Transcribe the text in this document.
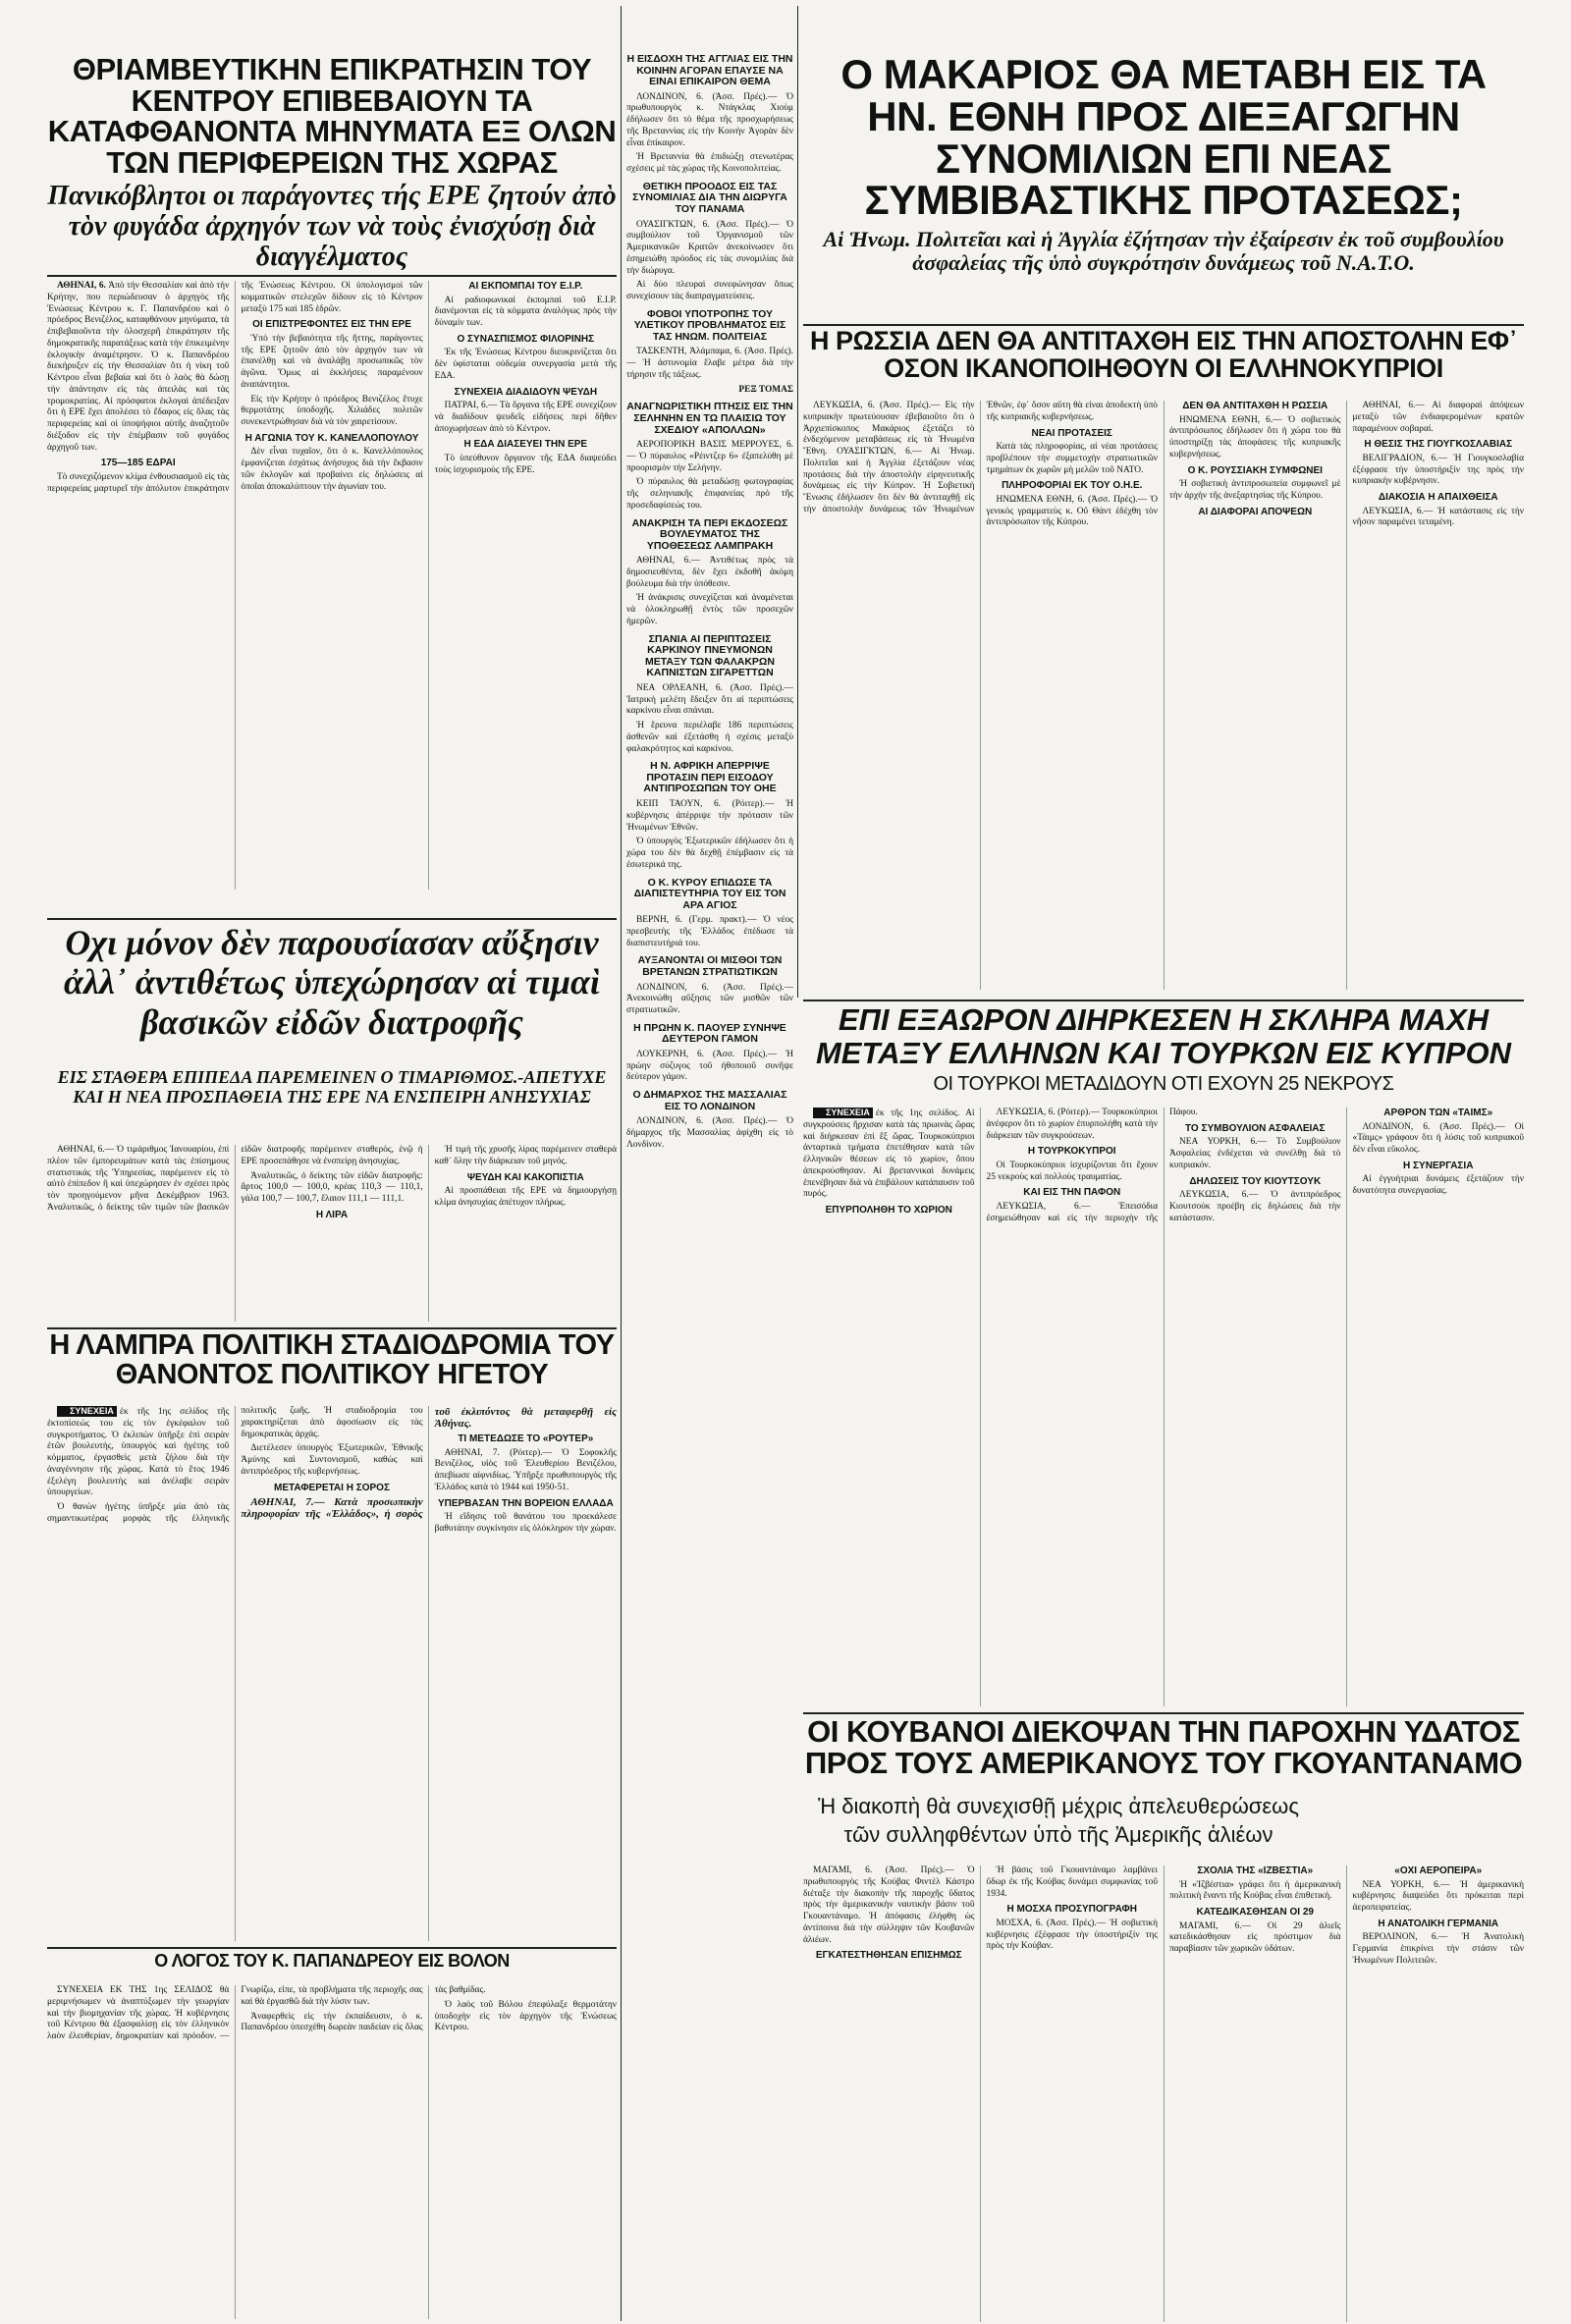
ΘΡΙΑΜΒΕΥΤΙΚΗΝ ΕΠΙΚΡΑΤΗΣΙΝ ΤΟΥ ΚΕΝΤΡΟΥ ΕΠΙΒΕΒΑΙΟΥΝ ΤΑ ΚΑΤΑΦΘΑΝΟΝΤΑ ΜΗΝΥΜΑΤΑ ΕΞ ΟΛΩΝ ΤΩΝ ΠΕΡΙΦΕΡΕΙΩΝ ΤΗΣ ΧΩΡΑΣ

Πανικόβλητοι οι παράγοντες τής ΕΡΕ ζητούν ἀπὸ τὸν φυγάδα ἀρχηγόν των νὰ τοὺς ἐνισχύσῃ διὰ διαγγέλματος

ΑΘΗΝΑΙ, 6. Ἀπὸ τὴν Θεσσαλίαν καὶ ἀπὸ τὴν Κρήτην, που περιώδευσαν ὁ ἀρχηγὸς τῆς Ἐνώσεως Κέντρου κ. Γ. Παπανδρέου καὶ ὁ πρόεδρος Βενιζέλος, καταφθάνουν μηνύματα, τὰ ἐπιβεβαιοῦντα τὴν ὁλοσχερῆ ἐπικράτησιν τῆς δημοκρατικῆς παρατάξεως κατὰ τὴν ἐπικειμένην ἐκλογικὴν ἀναμέτρησιν. Ὁ κ. Παπανδρέου διεκήρυξεν εἰς τὴν Θεσσαλίαν ὅτι ἡ νίκη τοῦ Κέντρου εἶναι βεβαία καὶ ὅτι ὁ λαὸς θὰ δώσῃ τὴν ἀπάντησιν εἰς τὰς ἀπειλὰς καὶ τὰς τρομοκρατίας. Αἱ πρόσφατοι ἐκλογαὶ ἀπέδειξαν ὅτι ἡ ΕΡΕ ἔχει ἀπολέσει τὸ ἔδαφος εἰς ὅλας τὰς περιφερείας καὶ οἱ ὑποψήφιοι αὐτῆς ἀναζητοῦν διέξοδον εἰς τὴν ἐπέμβασιν τοῦ φυγάδος ἀρχηγοῦ των.

175—185 ΕΔΡΑΙ

Τὸ συνεχιζόμενον κλίμα ἐνθουσιασμοῦ εἰς τὰς περιφερείας μαρτυρεῖ τὴν ἀπόλυτον ἐπικράτησιν τῆς Ἐνώσεως Κέντρου. Οἱ ὑπολογισμοὶ τῶν κομματικῶν στελεχῶν δίδουν εἰς τὸ Κέντρον μεταξὺ 175 καὶ 185 ἑδρῶν.

ΟΙ ΕΠΙΣΤΡΕΦΟΝΤΕΣ ΕΙΣ ΤΗΝ ΕΡΕ

Ὑπὸ τὴν βεβαιότητα τῆς ἥττης, παράγοντες τῆς ΕΡΕ ζητοῦν ἀπὸ τὸν ἀρχηγόν των νὰ ἐπανέλθῃ καὶ νὰ ἀναλάβῃ προσωπικῶς τὸν ἀγῶνα. Ὅμως αἱ ἐκκλήσεις παραμένουν ἀναπάντητοι.

Εἰς τὴν Κρήτην ὁ πρόεδρος Βενιζέλος ἔτυχε θερμοτάτης ὑποδοχῆς. Χιλιάδες πολιτῶν συνεκεντρώθησαν διὰ νὰ τὸν χαιρετίσουν.

Η ΑΓΩΝΙΑ ΤΟΥ Κ. ΚΑΝΕΛΛΟΠΟΥΛΟΥ

Δὲν εἶναι τυχαῖον, ὅτι ὁ κ. Κανελλόπουλος ἐμφανίζεται ἐσχάτως ἀνήσυχος διὰ τὴν ἔκβασιν τῶν ἐκλογῶν καὶ προβαίνει εἰς δηλώσεις αἱ ὁποῖαι ἀποκαλύπτουν τὴν ἀγωνίαν του.

ΑΙ ΕΚΠΟΜΠΑΙ ΤΟΥ Ε.Ι.Ρ.

Αἱ ραδιοφωνικαὶ ἐκπομπαὶ τοῦ Ε.Ι.Ρ. διανέμονται εἰς τὰ κόμματα ἀναλόγως πρὸς τὴν δύναμίν των.

Ο ΣΥΝΑΣΠΙΣΜΟΣ ΦΙΛΟΡΙΝΗΣ

Ἐκ τῆς Ἐνώσεως Κέντρου διευκρινίζεται ὅτι δὲν ὑφίσταται οὐδεμία συνεργασία μετὰ τῆς ΕΔΑ.

ΣΥΝΕΧΕΙΑ ΔΙΑΔΙΔΟΥΝ ΨΕΥΔΗ

ΠΑΤΡΑΙ, 6.— Τὰ ὄργανα τῆς ΕΡΕ συνεχίζουν νὰ διαδίδουν ψευδεῖς εἰδήσεις περὶ δῆθεν ἀποχωρήσεων ἀπὸ τὸ Κέντρον.

Η ΕΔΑ ΔΙΑΣΕΥΕΙ ΤΗΝ ΕΡΕ

Τὸ ὑπεύθυνον ὄργανον τῆς ΕΔΑ διαψεύδει τοὺς ἰσχυρισμοὺς τῆς ΕΡΕ.

Οχι μόνον δὲν παρουσίασαν αὔξησιν ἀλλ᾽ ἀντιθέτως ὑπεχώρησαν αἱ τιμαὶ βασικῶν εἰδῶν διατροφῆς

ΕΙΣ ΣΤΑΘΕΡΑ ΕΠΙΠΕΔΑ ΠΑΡΕΜΕΙΝΕΝ Ο ΤΙΜΑΡΙΘΜΟΣ.-ΑΠΕΤΥΧΕ ΚΑΙ Η ΝΕΑ ΠΡΟΣΠΑΘΕΙΑ ΤΗΣ ΕΡΕ ΝΑ ΕΝΣΠΕΙΡΗ ΑΝΗΣΥΧΙΑΣ

ΑΘΗΝΑΙ, 6.— Ὁ τιμάριθμος Ἰανουαρίου, ἐπὶ πλέον τῶν ἐμπορευμάτων κατὰ τὰς ἐπίσημους στατιστικάς τῆς Ὑπηρεσίας, παρέμεινεν εἰς τὸ αὐτὸ ἐπίπεδον ἢ καὶ ὑπεχώρησεν ἐν σχέσει πρὸς τὸν προηγούμενον μῆνα Δεκέμβριον 1963. Ἀναλυτικῶς, ὁ δείκτης τῶν τιμῶν τῶν βασικῶν εἰδῶν διατροφῆς παρέμεινεν σταθερὸς, ἐνῷ ἡ ΕΡΕ προσεπάθησε νὰ ἐνσπείρῃ ἀνησυχίας.

Ἀναλυτικῶς, ὁ δείκτης τῶν εἰδῶν διατροφῆς: ἄρτος 100,0 — 100,0, κρέας 110,3 — 110,1, γάλα 100,7 — 100,7, ἔλαιον 111,1 — 111,1.

Η ΛΙΡΑ

Ἡ τιμὴ τῆς χρυσῆς λίρας παρέμεινεν σταθερὰ καθ᾽ ὅλην τὴν διάρκειαν τοῦ μηνός.

ΨΕΥΔΗ ΚΑΙ ΚΑΚΟΠΙΣΤΙΑ

Αἱ προσπάθειαι τῆς ΕΡΕ νὰ δημιουργήσῃ κλίμα ἀνησυχίας ἀπέτυχον πλήρως.

Η ΛΑΜΠΡΑ ΠΟΛΙΤΙΚΗ ΣΤΑΔΙΟΔΡΟΜΙΑ ΤΟΥ ΘΑΝΟΝΤΟΣ ΠΟΛΙΤΙΚΟΥ ΗΓΕΤΟΥ

ΣΥΝΕΧΕΙΑ ἐκ τῆς 1ης σελίδος τῆς ἐκτοπίσεώς του εἰς τὸν ἐγκέφαλον τοῦ συγκροτήματος. Ὁ ἐκλιπὼν ὑπῆρξε ἐπὶ σειρὰν ἐτῶν βουλευτὴς, ὑπουργὸς καὶ ἡγέτης τοῦ κόμματος, ἐργασθεὶς μετὰ ζήλου διὰ τὴν ἀναγέννησιν τῆς χώρας. Κατὰ τὸ ἔτος 1946 ἐξελέγη βουλευτὴς καὶ ἀνέλαβε σειρὰν ὑπουργείων.

Ὁ θανὼν ἡγέτης ὑπῆρξε μία ἀπὸ τὰς σημαντικωτέρας μορφὰς τῆς ἑλληνικῆς πολιτικῆς ζωῆς. Ἡ σταδιοδρομία του χαρακτηρίζεται ἀπὸ ἀφοσίωσιν εἰς τὰς δημοκρατικὰς ἀρχάς.

Διετέλεσεν ὑπουργὸς Ἐξωτερικῶν, Ἐθνικῆς Ἀμύνης καὶ Συντονισμοῦ, καθὼς καὶ ἀντιπρόεδρος τῆς κυβερνήσεως.

ΜΕΤΑΦΕΡΕΤΑΙ Η ΣΟΡΟΣ

ΑΘΗΝΑΙ, 7.— Κατὰ προσωπικὴν πληροφορίαν τῆς «Ἑλλάδος», ἡ σορὸς τοῦ ἐκλιπόντος θὰ μεταφερθῇ εἰς Ἀθήνας.

ΤΙ ΜΕΤΕΔΩΣΕ ΤΟ «ΡΟΥΤΕΡ»

ΑΘΗΝΑΙ, 7. (Ρόιτερ).— Ὁ Σοφοκλῆς Βενιζέλος, υἱὸς τοῦ Ἐλευθερίου Βενιζέλου, ἀπεβίωσε αἰφνιδίως. Ὑπῆρξε πρωθυπουργὸς τῆς Ἑλλάδος κατὰ τὸ 1944 καὶ 1950-51.

ΥΠΕΡΒΑΣΑΝ ΤΗΝ ΒΟΡΕΙΟΝ ΕΛΛΑΔΑ

Ἡ εἴδησις τοῦ θανάτου του προεκάλεσε βαθυτάτην συγκίνησιν εἰς ὁλόκληρον τὴν χώραν.

Ο ΛΟΓΟΣ ΤΟΥ Κ. ΠΑΠΑΝΔΡΕΟΥ ΕΙΣ ΒΟΛΟΝ

ΣΥΝΕΧΕΙΑ ΕΚ ΤΗΣ 1ης ΣΕΛΙΔΟΣ θὰ μεριμνήσωμεν νὰ ἀναπτύξωμεν τὴν γεωργίαν καὶ τὴν βιομηχανίαν τῆς χώρας. Ἡ κυβέρνησις τοῦ Κέντρου θὰ ἐξασφαλίσῃ εἰς τὸν ἑλληνικὸν λαὸν ἐλευθερίαν, δημοκρατίαν καὶ πρόοδον. —Γνωρίζω, εἶπε, τὰ προβλήματα τῆς περιοχῆς σας καὶ θὰ ἐργασθῶ διὰ τὴν λύσιν των.

Ἀναφερθεὶς εἰς τὴν ἐκπαίδευσιν, ὁ κ. Παπανδρέου ὑπεσχέθη δωρεὰν παιδείαν εἰς ὅλας τὰς βαθμίδας.

Ὁ λαὸς τοῦ Βόλου ἐπεφύλαξε θερμοτάτην ὑποδοχὴν εἰς τὸν ἀρχηγὸν τῆς Ἐνώσεως Κέντρου.

Η ΕΙΣΔΟΧΗ ΤΗΣ ΑΓΓΛΙΑΣ ΕΙΣ ΤΗΝ ΚΟΙΝΗΝ ΑΓΟΡΑΝ ΕΠΑΥΣΕ ΝΑ ΕΙΝΑΙ ΕΠΙΚΑΙΡΟΝ ΘΕΜΑ

ΛΟΝΔΙΝΟΝ, 6. (Ἀσσ. Πρές).— Ὁ πρωθυπουργὸς κ. Ντάγκλας Χιοὺμ ἐδήλωσεν ὅτι τὸ θέμα τῆς προσχωρήσεως τῆς Βρεταννίας εἰς τὴν Κοινὴν Ἀγορὰν δὲν εἶναι ἐπίκαιρον.

Ἡ Βρεταννία θὰ ἐπιδιώξῃ στενωτέρας σχέσεις μὲ τὰς χώρας τῆς Κοινοπολιτείας.

ΘΕΤΙΚΗ ΠΡΟΟΔΟΣ ΕΙΣ ΤΑΣ ΣΥΝΟΜΙΛΙΑΣ ΔΙΑ ΤΗΝ ΔΙΩΡΥΓΑ ΤΟΥ ΠΑΝΑΜΑ

ΟΥΑΣΙΓΚΤΩΝ, 6. (Ἀσσ. Πρές).— Ὁ συμβούλιον τοῦ Ὀργανισμοῦ τῶν Ἀμερικανικῶν Κρατῶν ἀνεκοίνωσεν ὅτι ἐσημειώθη πρόοδος εἰς τὰς συνομιλίας διὰ τὴν διώρυγα.

Αἱ δύο πλευραὶ συνεφώνησαν ὅπως συνεχίσουν τὰς διαπραγματεύσεις.

ΦΟΒΟΙ ΥΠΟΤΡΟΠΗΣ ΤΟΥ ΥΛΕΤΙΚΟΥ ΠΡΟΒΛΗΜΑΤΟΣ ΕΙΣ ΤΑΣ ΗΝΩΜ. ΠΟΛΙΤΕΙΑΣ

ΤΑΣΚΕΝΤΗ, Ἀλάμπαμα, 6. (Ἀσσ. Πρές).— Ἡ ἀστυνομία ἔλαβε μέτρα διὰ τὴν τήρησιν τῆς τάξεως.

ΡΕΞ ΤΟΜΑΣ

ΑΝΑΓΝΩΡΙΣΤΙΚΗ ΠΤΗΣΙΣ ΕΙΣ ΤΗΝ ΣΕΛΗΝΗΝ ΕΝ ΤΩ ΠΛΑΙΣΙΩ ΤΟΥ ΣΧΕΔΙΟΥ «ΑΠΟΛΛΩΝ»

ΑΕΡΟΠΟΡΙΚΗ ΒΑΣΙΣ ΜΕΡΡΟΥΕΣ, 6.— Ὁ πύραυλος «Ρέιντζερ 6» ἐξαπελύθη μὲ προορισμὸν τὴν Σελήνην.

Ὁ πύραυλος θὰ μεταδώσῃ φωτογραφίας τῆς σεληνιακῆς ἐπιφανείας πρὸ τῆς προσεδαφίσεώς του.

ΑΝΑΚΡΙΣΗ ΤΑ ΠΕΡΙ ΕΚΔΟΣΕΩΣ ΒΟΥΛΕΥΜΑΤΟΣ ΤΗΣ ΥΠΟΘΕΣΕΩΣ ΛΑΜΠΡΑΚΗ

ΑΘΗΝΑΙ, 6.— Ἀντιθέτως πρὸς τὰ δημοσιευθέντα, δὲν ἔχει ἐκδοθῆ ἀκόμη βούλευμα διὰ τὴν ὑπόθεσιν.

Ἡ ἀνάκρισις συνεχίζεται καὶ ἀναμένεται νὰ ὁλοκληρωθῇ ἐντὸς τῶν προσεχῶν ἡμερῶν.

ΣΠΑΝΙΑ ΑΙ ΠΕΡΙΠΤΩΣΕΙΣ ΚΑΡΚΙΝΟΥ ΠΝΕΥΜΟΝΩΝ ΜΕΤΑΞΥ ΤΩΝ ΦΑΛΑΚΡΩΝ ΚΑΠΝΙΣΤΩΝ ΣΙΓΑΡΕΤΤΩΝ

ΝΕΑ ΟΡΛΕΑΝΗ, 6. (Ἀσσ. Πρές).— Ἰατρικὴ μελέτη ἔδειξεν ὅτι αἱ περιπτώσεις καρκίνου εἶναι σπάνιαι.

Ἡ ἔρευνα περιέλαβε 186 περιπτώσεις ἀσθενῶν καὶ ἐξετάσθη ἡ σχέσις μεταξὺ φαλακρότητος καὶ καρκίνου.

Η Ν. ΑΦΡΙΚΗ ΑΠΕΡΡΙΨΕ ΠΡΟΤΑΣΙΝ ΠΕΡΙ ΕΙΣΟΔΟΥ ΑΝΤΙΠΡΟΣΩΠΩΝ ΤΟΥ ΟΗΕ

ΚΕΙΠ ΤΑΟΥΝ, 6. (Ρόιτερ).— Ἡ κυβέρνησις ἀπέρριψε τὴν πρότασιν τῶν Ἡνωμένων Ἐθνῶν.

Ὁ ὑπουργὸς Ἐξωτερικῶν ἐδήλωσεν ὅτι ἡ χώρα του δὲν θὰ δεχθῇ ἐπέμβασιν εἰς τὰ ἐσωτερικά της.

Ο Κ. ΚΥΡΟΥ ΕΠΙΔΩΣΕ ΤΑ ΔΙΑΠΙΣΤΕΥΤΗΡΙΑ ΤΟΥ ΕΙΣ ΤΟΝ ΑΡΑ ΑΓΙΟΣ

ΒΕΡΝΗ, 6. (Γερμ. πρακτ).— Ὁ νέος πρεσβευτὴς τῆς Ἑλλάδος ἐπέδωσε τὰ διαπιστευτήριά του.

ΑΥΞΑΝΟΝΤΑΙ ΟΙ ΜΙΣΘΟΙ ΤΩΝ ΒΡΕΤΑΝΩΝ ΣΤΡΑΤΙΩΤΙΚΩΝ

ΛΟΝΔΙΝΟΝ, 6. (Ἀσσ. Πρές).— Ἀνεκοινώθη αὔξησις τῶν μισθῶν τῶν στρατιωτικῶν.

Η ΠΡΩΗΝ Κ. ΠΑΟΥΕΡ ΣΥΝΗΨΕ ΔΕΥΤΕΡΟΝ ΓΑΜΟΝ

ΛΟΥΚΕΡΝΗ, 6. (Ἀσσ. Πρές).— Ἡ πρώην σύζυγος τοῦ ἠθοποιοῦ συνῆψε δεύτερον γάμον.

Ο ΔΗΜΑΡΧΟΣ ΤΗΣ ΜΑΣΣΑΛΙΑΣ ΕΙΣ ΤΟ ΛΟΝΔΙΝΟΝ

ΛΟΝΔΙΝΟΝ, 6. (Ἀσσ. Πρές).— Ὁ δήμαρχος τῆς Μασσαλίας ἀφίχθη εἰς τὸ Λονδίνον.

Ο ΜΑΚΑΡΙΟΣ ΘΑ ΜΕΤΑΒΗ ΕΙΣ ΤΑ ΗΝ. ΕΘΝΗ ΠΡΟΣ ΔΙΕΞΑΓΩΓΗΝ ΣΥΝΟΜΙΛΙΩΝ ΕΠΙ ΝΕΑΣ ΣΥΜΒΙΒΑΣΤΙΚΗΣ ΠΡΟΤΑΣΕΩΣ;

Αἱ Ἡνωμ. Πολιτεῖαι καὶ ἡ Ἀγγλία ἐζήτησαν τὴν ἐξαίρεσιν ἐκ τοῦ συμβουλίου ἀσφαλείας τῆς ὑπὸ συγκρότησιν δυνάμεως τοῦ Ν.Α.Τ.Ο.

Η ΡΩΣΣΙΑ ΔΕΝ ΘΑ ΑΝΤΙΤΑΧΘΗ ΕΙΣ ΤΗΝ ΑΠΟΣΤΟΛΗΝ ΕΦ᾽ ΟΣΟΝ ΙΚΑΝΟΠΟΙΗΘΟΥΝ ΟΙ ΕΛΛΗΝΟΚΥΠΡΙΟΙ

ΛΕΥΚΩΣΙΑ, 6. (Ἀσσ. Πρές).— Εἰς τὴν κυπριακὴν πρωτεύουσαν ἐβεβαιοῦτο ὅτι ὁ Ἀρχιεπίσκοπος Μακάριος ἐξετάζει τὸ ἐνδεχόμενον μεταβάσεως εἰς τὰ Ἡνωμένα Ἔθνη. ΟΥΑΣΙΓΚΤΩΝ, 6.— Αἱ Ἡνωμ. Πολιτεῖαι καὶ ἡ Ἀγγλία ἐξετάζουν νέας προτάσεις διὰ τὴν ἀποστολὴν εἰρηνευτικῆς δυνάμεως εἰς τὴν Κύπρον. Ἡ Σοβιετικὴ Ἕνωσις ἐδήλωσεν ὅτι δὲν θὰ ἀντιταχθῇ εἰς τὴν ἀποστολὴν δυνάμεως τῶν Ἡνωμένων Ἐθνῶν, ἐφ᾽ ὅσον αὕτη θὰ εἶναι ἀποδεκτὴ ὑπὸ τῆς κυπριακῆς κυβερνήσεως.

ΝΕΑΙ ΠΡΟΤΑΣΕΙΣ

Κατὰ τὰς πληροφορίας, αἱ νέαι προτάσεις προβλέπουν τὴν συμμετοχὴν στρατιωτικῶν τμημάτων ἐκ χωρῶν μὴ μελῶν τοῦ ΝΑΤΟ.

ΠΛΗΡΟΦΟΡΙΑΙ ΕΚ ΤΟΥ Ο.Η.Ε.

ΗΝΩΜΕΝΑ ΕΘΝΗ, 6. (Ἀσσ. Πρές).— Ὁ γενικὸς γραμματεὺς κ. Οὔ Θάντ ἐδέχθη τὸν ἀντιπρόσωπον τῆς Κύπρου.

ΔΕΝ ΘΑ ΑΝΤΙΤΑΧΘΗ Η ΡΩΣΣΙΑ

ΗΝΩΜΕΝΑ ΕΘΝΗ, 6.— Ὁ σοβιετικὸς ἀντιπρόσωπος ἐδήλωσεν ὅτι ἡ χώρα του θὰ ὑποστηρίξῃ τὰς ἀποφάσεις τῆς κυπριακῆς κυβερνήσεως.

Ο Κ. ΡΟΥΣΣΙΑΚΗ ΣΥΜΦΩΝΕΙ

Ἡ σοβιετικὴ ἀντιπροσωπεία συμφωνεῖ μὲ τὴν ἀρχὴν τῆς ἀνεξαρτησίας τῆς Κύπρου.

ΑΙ ΔΙΑΦΟΡΑΙ ΑΠΟΨΕΩΝ

ΑΘΗΝΑΙ, 6.— Αἱ διαφοραὶ ἀπόψεων μεταξὺ τῶν ἐνδιαφερομένων κρατῶν παραμένουν σοβαραί.

Η ΘΕΣΙΣ ΤΗΣ ΓΙΟΥΓΚΟΣΛΑΒΙΑΣ

ΒΕΛΙΓΡΑΔΙΟΝ, 6.— Ἡ Γιουγκοσλαβία ἐξέφρασε τὴν ὑποστήριξίν της πρὸς τὴν κυπριακὴν κυβέρνησιν.

ΔΙΑΚΟΣΙΑ Η ΑΠΑΙΧΘΕΙΣΑ

ΛΕΥΚΩΣΙΑ, 6.— Ἡ κατάστασις εἰς τὴν νῆσον παραμένει τεταμένη.

ΕΠΙ ΕΞΑΩΡΟΝ ΔΙΗΡΚΕΣΕΝ Η ΣΚΛΗΡΑ ΜΑΧΗ ΜΕΤΑΞΥ ΕΛΛΗΝΩΝ ΚΑΙ ΤΟΥΡΚΩΝ ΕΙΣ ΚΥΠΡΟΝ

ΟΙ ΤΟΥΡΚΟΙ ΜΕΤΑΔΙΔΟΥΝ ΟΤΙ ΕΧΟΥΝ 25 ΝΕΚΡΟΥΣ

ΣΥΝΕΧΕΙΑ ἐκ τῆς 1ης σελίδος. Αἱ συγκρούσεις ἤρχισαν κατὰ τὰς πρωινὰς ὥρας καὶ διήρκεσαν ἐπὶ ἓξ ὥρας. Τουρκοκύπριοι ἀνταρτικὰ τμήματα ἐπετέθησαν κατὰ τῶν ἑλληνικῶν θέσεων εἰς τὸ χωρίον, ὅπου ἀπεκρούσθησαν. Αἱ βρεταννικαὶ δυνάμεις ἐπενέβησαν διὰ νὰ ἐπιβάλουν κατάπαυσιν τοῦ πυρός.

ΕΠΥΡΠΟΛΗΘΗ ΤΟ ΧΩΡΙΟΝ

ΛΕΥΚΩΣΙΑ, 6. (Ρόιτερ).— Τουρκοκύπριοι ἀνέφερον ὅτι τὸ χωρίον ἐπυρπολήθη κατὰ τὴν διάρκειαν τῶν συγκρούσεων.

Η ΤΟΥΡΚΟΚΥΠΡΟΙ

Οἱ Τουρκοκύπριοι ἰσχυρίζονται ὅτι ἔχουν 25 νεκροὺς καὶ πολλοὺς τραυματίας.

ΚΑΙ ΕΙΣ ΤΗΝ ΠΑΦΟΝ

ΛΕΥΚΩΣΙΑ, 6.— Ἐπεισόδια ἐσημειώθησαν καὶ εἰς τὴν περιοχὴν τῆς Πάφου.

ΤΟ ΣΥΜΒΟΥΛΙΟΝ ΑΣΦΑΛΕΙΑΣ

ΝΕΑ ΥΟΡΚΗ, 6.— Τὸ Συμβούλιον Ἀσφαλείας ἐνδέχεται νὰ συνέλθῃ διὰ τὸ κυπριακόν.

ΔΗΛΩΣΕΙΣ ΤΟΥ ΚΙΟΥΤΣΟΥΚ

ΛΕΥΚΩΣΙΑ, 6.— Ὁ ἀντιπρόεδρος Κιουτσούκ προέβη εἰς δηλώσεις διὰ τὴν κατάστασιν.

ΑΡΘΡΟΝ ΤΩΝ «ΤΑΙΜΣ»

ΛΟΝΔΙΝΟΝ, 6. (Ἀσσ. Πρές).— Οἱ «Τάιμς» γράφουν ὅτι ἡ λύσις τοῦ κυπριακοῦ δὲν εἶναι εὔκολος.

Η ΣΥΝΕΡΓΑΣΙΑ

Αἱ ἐγγυήτριαι δυνάμεις ἐξετάζουν τὴν δυνατότητα συνεργασίας.

ΟΙ ΚΟΥΒΑΝΟΙ ΔΙΕΚΟΨΑΝ ΤΗΝ ΠΑΡΟΧΗΝ ΥΔΑΤΟΣ ΠΡΟΣ ΤΟΥΣ ΑΜΕΡΙΚΑΝΟΥΣ ΤΟΥ ΓΚΟΥΑΝΤΑΝΑΜΟ

Ἡ διακοπὴ θὰ συνεχισθῇ μέχρις ἀπελευθερώσεως τῶν συλληφθέντων ὑπὸ τῆς Ἀμερικῆς ἁλιέων

ΜΑΓΑΜΙ, 6. (Ἀσσ. Πρές).— Ὁ πρωθυπουργὸς τῆς Κούβας Φιντὲλ Κάστρο διέταξε τὴν διακοπὴν τῆς παροχῆς ὕδατος πρὸς τὴν ἀμερικανικὴν ναυτικὴν βάσιν τοῦ Γκουαντάναμο. Ἡ ἀπόφασις ἐλήφθη ὡς ἀντίποινα διὰ τὴν σύλληψιν τῶν Κουβανῶν ἁλιέων.

ΕΓΚΑΤΕΣΤΗΘΗΣΑΝ ΕΠΙΣΗΜΩΣ

Ἡ βάσις τοῦ Γκουαντάναμο λαμβάνει ὕδωρ ἐκ τῆς Κούβας δυνάμει συμφωνίας τοῦ 1934.

Η ΜΟΣΧΑ ΠΡΟΣΥΠΟΓΡΑΦΗ

ΜΟΣΧΑ, 6. (Ἀσσ. Πρές).— Ἡ σοβιετικὴ κυβέρνησις ἐξέφρασε τὴν ὑποστήριξίν της πρὸς τὴν Κούβαν.

ΣΧΟΛΙΑ ΤΗΣ «ΙΖΒΕΣΤΙΑ»

Ἡ «Ἰζβέστια» γράφει ὅτι ἡ ἀμερικανικὴ πολιτικὴ ἔναντι τῆς Κούβας εἶναι ἐπιθετική.

ΚΑΤΕΔΙΚΑΣΘΗΣΑΝ ΟΙ 29

ΜΑΓΑΜΙ, 6.— Οἱ 29 ἁλιεῖς κατεδικάσθησαν εἰς πρόστιμον διὰ παραβίασιν τῶν χωρικῶν ὑδάτων.

«ΟΧΙ ΑΕΡΟΠΕΙΡΑ»

ΝΕΑ ΥΟΡΚΗ, 6.— Ἡ ἀμερικανικὴ κυβέρνησις διαψεύδει ὅτι πρόκειται περὶ ἀεροπειρατείας.

Η ΑΝΑΤΟΛΙΚΗ ΓΕΡΜΑΝΙΑ

ΒΕΡΟΛΙΝΟΝ, 6.— Ἡ Ἀνατολικὴ Γερμανία ἐπικρίνει τὴν στάσιν τῶν Ἡνωμένων Πολιτειῶν.
